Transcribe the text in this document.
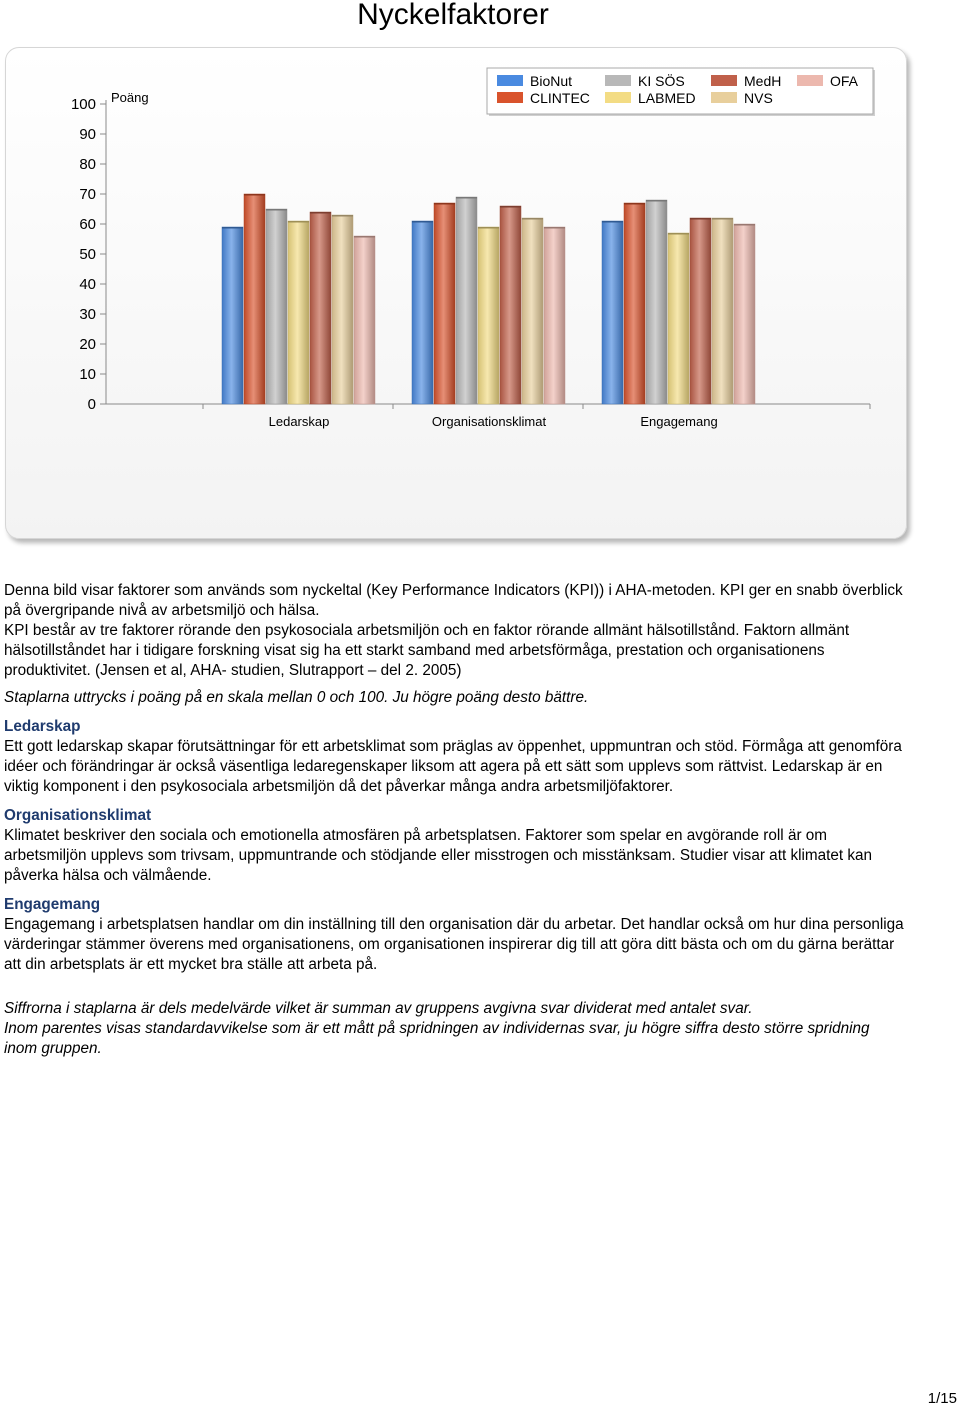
Nyckelfaktorer
0
10
20
30
40
50
60
70
80
90
100 Poäng
Ledarskap	Organisationsklimat	Engagemang
BioNut	KI SÖS	MedH	OFA
CLINTEC	LABMED	NVS

Denna bild visar faktorer som används som nyckeltal (Key Performance Indicators (KPI)) i AHA-metoden. KPI ger en snabb överblick på övergripande nivå av arbetsmiljö och hälsa.

KPI består av tre faktorer rörande den psykosociala arbetsmiljön och en faktor rörande allmänt hälsotillstånd. Faktorn allmänt hälsotillståndet har i tidigare forskning visat sig ha ett starkt samband med arbetsförmåga, prestation och organisationens produktivitet. (Jensen et al, AHA- studien, Slutrapport – del 2. 2005)

Staplarna uttrycks i poäng på en skala mellan 0 och 100. Ju högre poäng desto bättre.

Ledarskap

Ett gott ledarskap skapar förutsättningar för ett arbetsklimat som präglas av öppenhet, uppmuntran och stöd. Förmåga att genomföra idéer och förändringar är också väsentliga ledaregenskaper liksom att agera på ett sätt som upplevs som rättvist. Ledarskap är en viktig komponent i den psykosociala arbetsmiljön då det påverkar många andra arbetsmiljöfaktorer.

Organisationsklimat

Klimatet beskriver den sociala och emotionella atmosfären på arbetsplatsen. Faktorer som spelar en avgörande roll är om arbetsmiljön upplevs som trivsam, uppmuntrande och stödjande eller misstrogen och misstänksam. Studier visar att klimatet kan påverka hälsa och välmående.

Engagemang

Engagemang i arbetsplatsen handlar om din inställning till den organisation där du arbetar. Det handlar också om hur dina personliga värderingar stämmer överens med organisationens, om organisationen inspirerar dig till att göra ditt bästa och om du gärna berättar att din arbetsplats är ett mycket bra ställe att arbeta på.

Siffrorna i staplarna är dels medelvärde vilket är summan av gruppens avgivna svar dividerat med antalet svar.

Inom parentes visas standardavvikelse som är ett mått på spridningen av individernas svar, ju högre siffra desto större spridning inom gruppen.

1/15
